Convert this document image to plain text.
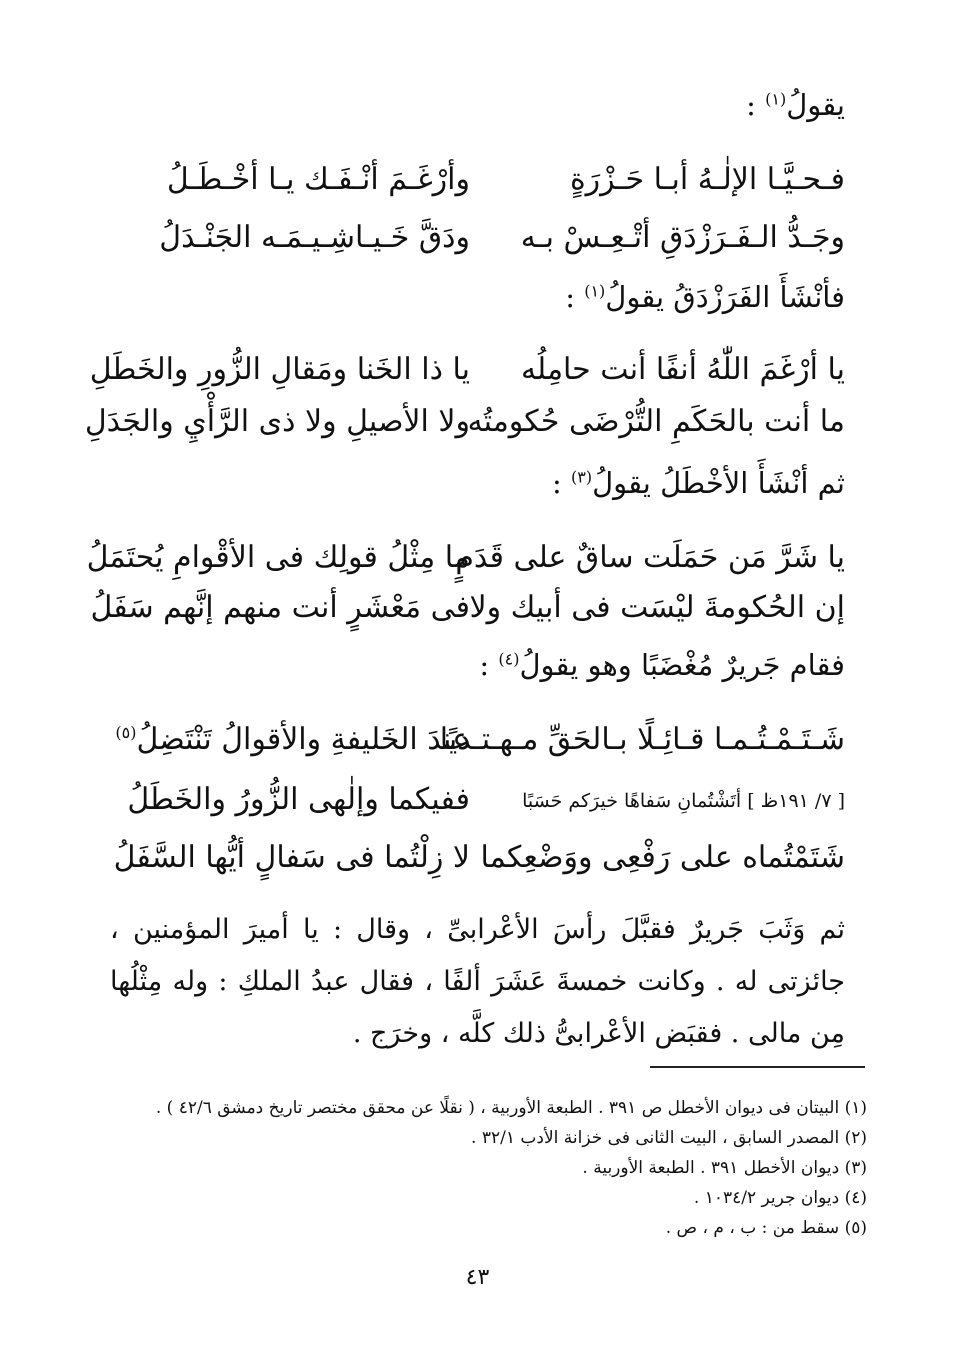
يقولُ$^{(١)}$ :
فـحـيَّـا الإلٰـهُ أبـا حَـزْرَةٍ
وأرْغَـمَ أنْـفَـك يـا أخْـطَـلُ
وجَـدُّ الـفَـرَزْدَقِ أتْـعِـسْ بـه
ودَقَّ خَـيـاشِـيـمَـه الجَنْـدَلُ
فأنْشَأَ الفَرَزْدَقُ يقولُ$^{(١)}$ :
يا أرْغَمَ اللّٰهُ أنفًا أنت حامِلُه
يا ذا الخَنا ومَقالِ الزُّورِ والخَطَلِ
ما أنت بالحَكَمِ التُّرْضَى حُكومتُه
ولا الأصيلِ ولا ذى الرَّأْيِ والجَدَلِ
ثم أنْشَأَ الأخْطَلُ يقولُ$^{(٣)}$ :
يا شَرَّ مَن حَمَلَت ساقٌ على قَدَمٍ
ما مِثْلُ قولِك فى الأقْوامِ يُحتَمَلُ
إن الحُكومةَ ليْسَت فى أبيك ولا
فى مَعْشَرٍ أنت منهم إنَّهم سَفَلُ
فقام جَريرٌ مُغْضَبًا وهو يقولُ$^{(٤)}$ :
شَـتَـمْـتُـمـا قـائِـلًا بـالحَقِّ مـهـتـديًا
عندَ الخَليفةِ والأقوالُ تَنْتَضِلُ$^{(٥)}$
[ ٧/ ١٩١ظ ] أتَشْتُمانِ سَفاهًا خيرَكم حَسَبًا
ففيكما وإلٰهى الزُّورُ والخَطَلُ
شَتَمْتُماه على رَفْعِى ووَضْعِكما
لا زِلْتُما فى سَفالٍ أيُّها السَّفَلُ
ثم وَثَبَ جَريرٌ فقبَّلَ رأسَ الأعْرابىِّ ، وقال : يا أميرَ المؤمنين ، جائزتى له . وكانت خمسةَ عَشَرَ ألفًا ، فقال عبدُ الملكِ : وله مِثْلُها مِن مالى . فقبَض الأعْرابىُّ ذلك كلَّه ، وخرَج .
(١) البيتان فى ديوان الأخطل ص ٣٩١ . الطبعة الأوربية ، ( نقلًا عن محقق مختصر تاريخ دمشق ٤٢/٦ ) .
(٢) المصدر السابق ، البيت الثانى فى خزانة الأدب ٣٢/١ .
(٣) ديوان الأخطل ٣٩١ . الطبعة الأوربية .
(٤) ديوان جرير ١٠٣٤/٢ .
(٥) سقط من : ب ، م ، ص .
٤٣
